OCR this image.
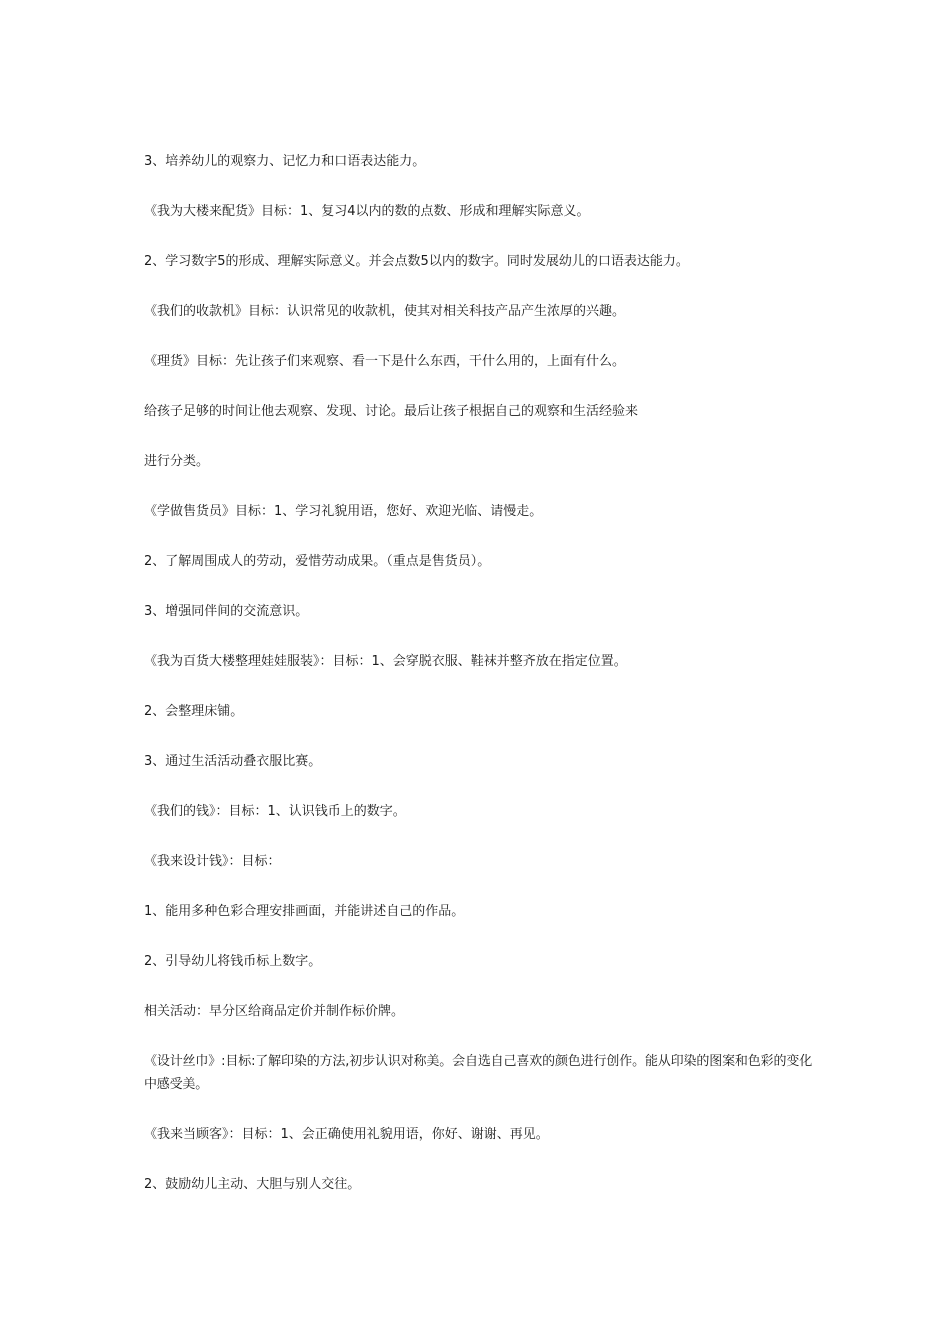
3、培养幼儿的观察力、记忆力和口语表达能力。

《我为大楼来配货》目标：1、复习4以内的数的点数、形成和理解实际意义。

2、学习数字5的形成、理解实际意义。并会点数5以内的数字。同时发展幼儿的口语表达能力。

《我们的收款机》目标：认识常见的收款机，使其对相关科技产品产生浓厚的兴趣。

《理货》目标：先让孩子们来观察、看一下是什么东西，干什么用的，上面有什么。

给孩子足够的时间让他去观察、发现、讨论。最后让孩子根据自己的观察和生活经验来

进行分类。

《学做售货员》目标：1、学习礼貌用语，您好、欢迎光临、请慢走。

2、了解周围成人的劳动，爱惜劳动成果。（重点是售货员）。

3、增强同伴间的交流意识。

《我为百货大楼整理娃娃服装》：目标：1、会穿脱衣服、鞋袜并整齐放在指定位置。

2、会整理床铺。

3、通过生活活动叠衣服比赛。

《我们的钱》：目标：1、认识钱币上的数字。

《我来设计钱》：目标：

1、能用多种色彩合理安排画面，并能讲述自己的作品。

2、引导幼儿将钱币标上数字。

相关活动：早分区给商品定价并制作标价牌。

《设计丝巾》:目标:了解印染的方法,初步认识对称美。会自选自己喜欢的颜色进行创作。能从印染的图案和色彩的变化中感受美。

《我来当顾客》：目标：1、会正确使用礼貌用语，你好、谢谢、再见。

2、鼓励幼儿主动、大胆与别人交往。
